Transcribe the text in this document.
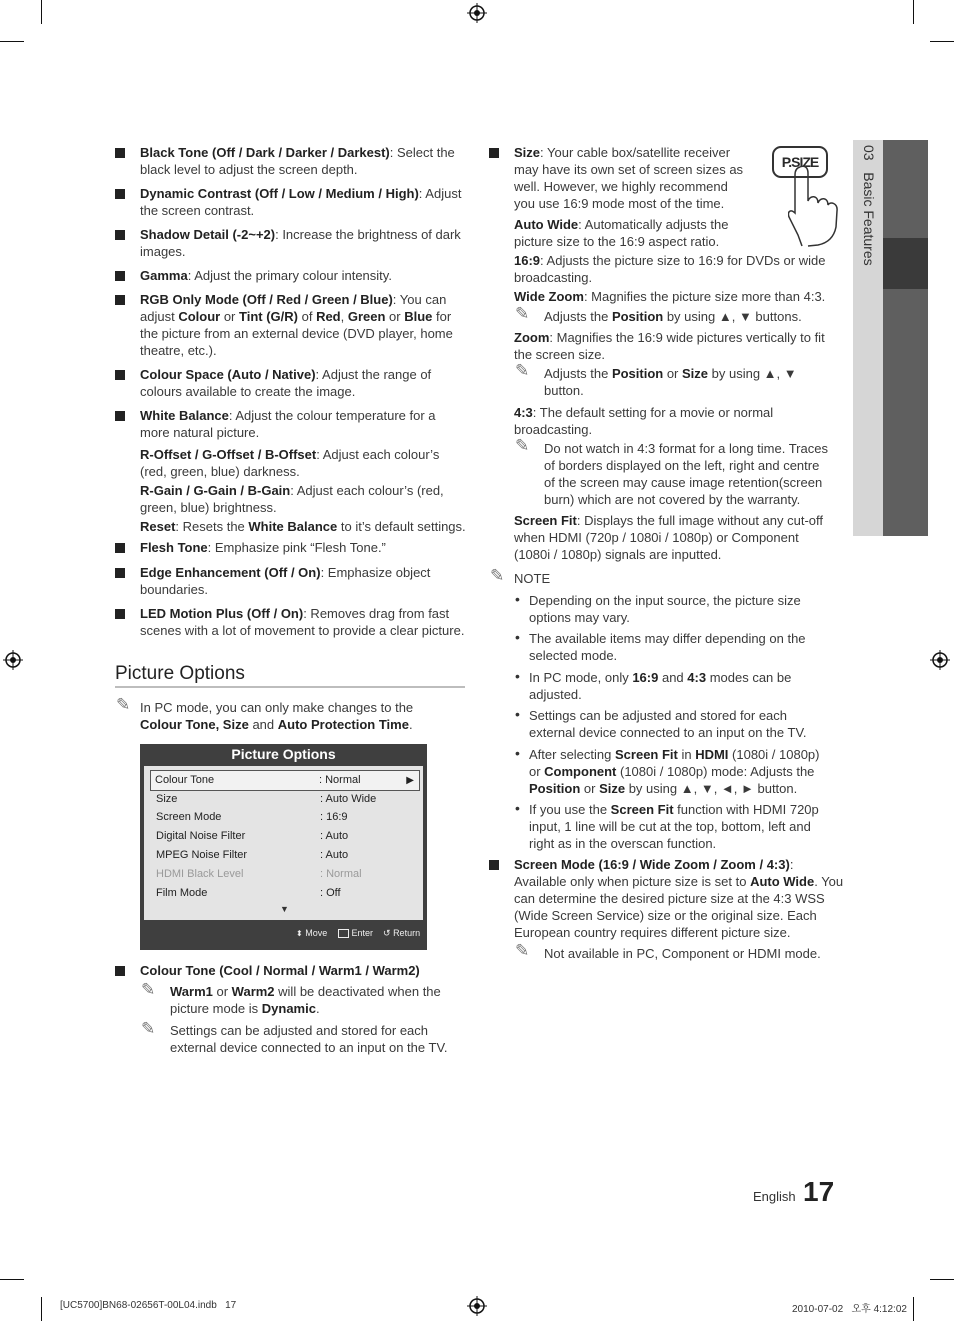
Black Tone (Off / Dark / Darker / Darkest): Select the
black level to adjust the screen depth.
Dynamic Contrast (Off / Low / Medium / High): Adjust
the screen contrast.
Shadow Detail (-2~+2): Increase the brightness of dark
images.
Gamma: Adjust the primary colour intensity.
RGB Only Mode (Off / Red / Green / Blue): You can
adjust Colour or Tint (G/R) of Red, Green or Blue for
the picture from an external device (DVD player, home
theatre, etc.).
Colour Space (Auto / Native): Adjust the range of
colours available to create the image.
White Balance: Adjust the colour temperature for a
more natural picture.
R-Offset / G-Offset / B-Offset: Adjust each colour’s
(red, green, blue) darkness.
R-Gain / G-Gain / B-Gain: Adjust each colour’s (red,
green, blue) brightness.
Reset: Resets the White Balance to it’s default settings.
Flesh Tone: Emphasize pink “Flesh Tone.”
Edge Enhancement (Off / On): Emphasize object
boundaries.
LED Motion Plus (Off / On): Removes drag from fast
scenes with a lot of movement to provide a clear picture.
Picture Options
✎ In PC mode, you can only make changes to the
Colour Tone, Size and Auto Protection Time.
Picture Options
Colour Tone	: Normal	▶
Size	: Auto Wide
Screen Mode	: 16:9
Digital Noise Filter	: Auto
MPEG Noise Filter	: Auto
HDMI Black Level	: Normal
Film Mode	: Off
▼
⬍ Move	Enter ↺ Return
Colour Tone (Cool / Normal / Warm1 / Warm2)
✎ Warm1 or Warm2 will be deactivated when the
picture mode is Dynamic.
✎ Settings can be adjusted and stored for each
external device connected to an input on the TV.
Size: Your cable box/satellite receiver
may have its own set of screen sizes as
well. However, we highly recommend
you use 16:9 mode most of the time.
P.SIZE
Auto Wide: Automatically adjusts the
picture size to the 16:9 aspect ratio.
16:9: Adjusts the picture size to 16:9 for DVDs or wide
broadcasting.
Wide Zoom: Magnifies the picture size more than 4:3.
✎ Adjusts the Position by using ▲, ▼ buttons.
Zoom: Magnifies the 16:9 wide pictures vertically to fit
the screen size.
✎ Adjusts the Position or Size by using ▲, ▼
button.
4:3: The default setting for a movie or normal
broadcasting.
✎ Do not watch in 4:3 format for a long time. Traces
of borders displayed on the left, right and centre
of the screen may cause image retention(screen
burn) which are not covered by the warranty.
Screen Fit: Displays the full image without any cut-off
when HDMI (720p / 1080i / 1080p) or Component
(1080i / 1080p) signals are inputted.
✎ NOTE
• Depending on the input source, the picture size
options may vary.
• The available items may differ depending on the
selected mode.
• In PC mode, only 16:9 and 4:3 modes can be
adjusted.
• Settings can be adjusted and stored for each
external device connected to an input on the TV.
• After selecting Screen Fit in HDMI (1080i / 1080p)
or Component (1080i / 1080p) mode: Adjusts the
Position or Size by using ▲, ▼, ◄, ► button.
• If you use the Screen Fit function with HDMI 720p
input, 1 line will be cut at the top, bottom, left and
right as in the overscan function.
Screen Mode (16:9 / Wide Zoom / Zoom / 4:3):
Available only when picture size is set to Auto Wide. You
can determine the desired picture size at the 4:3 WSS
(Wide Screen Service) size or the original size. Each
European country requires different picture size.
✎ Not available in PC, Component or HDMI mode.
03   Basic Features
English 17
[UC5700]BN68-02656T-00L04.indb   17	2010-07-02   오후 4:12:02
